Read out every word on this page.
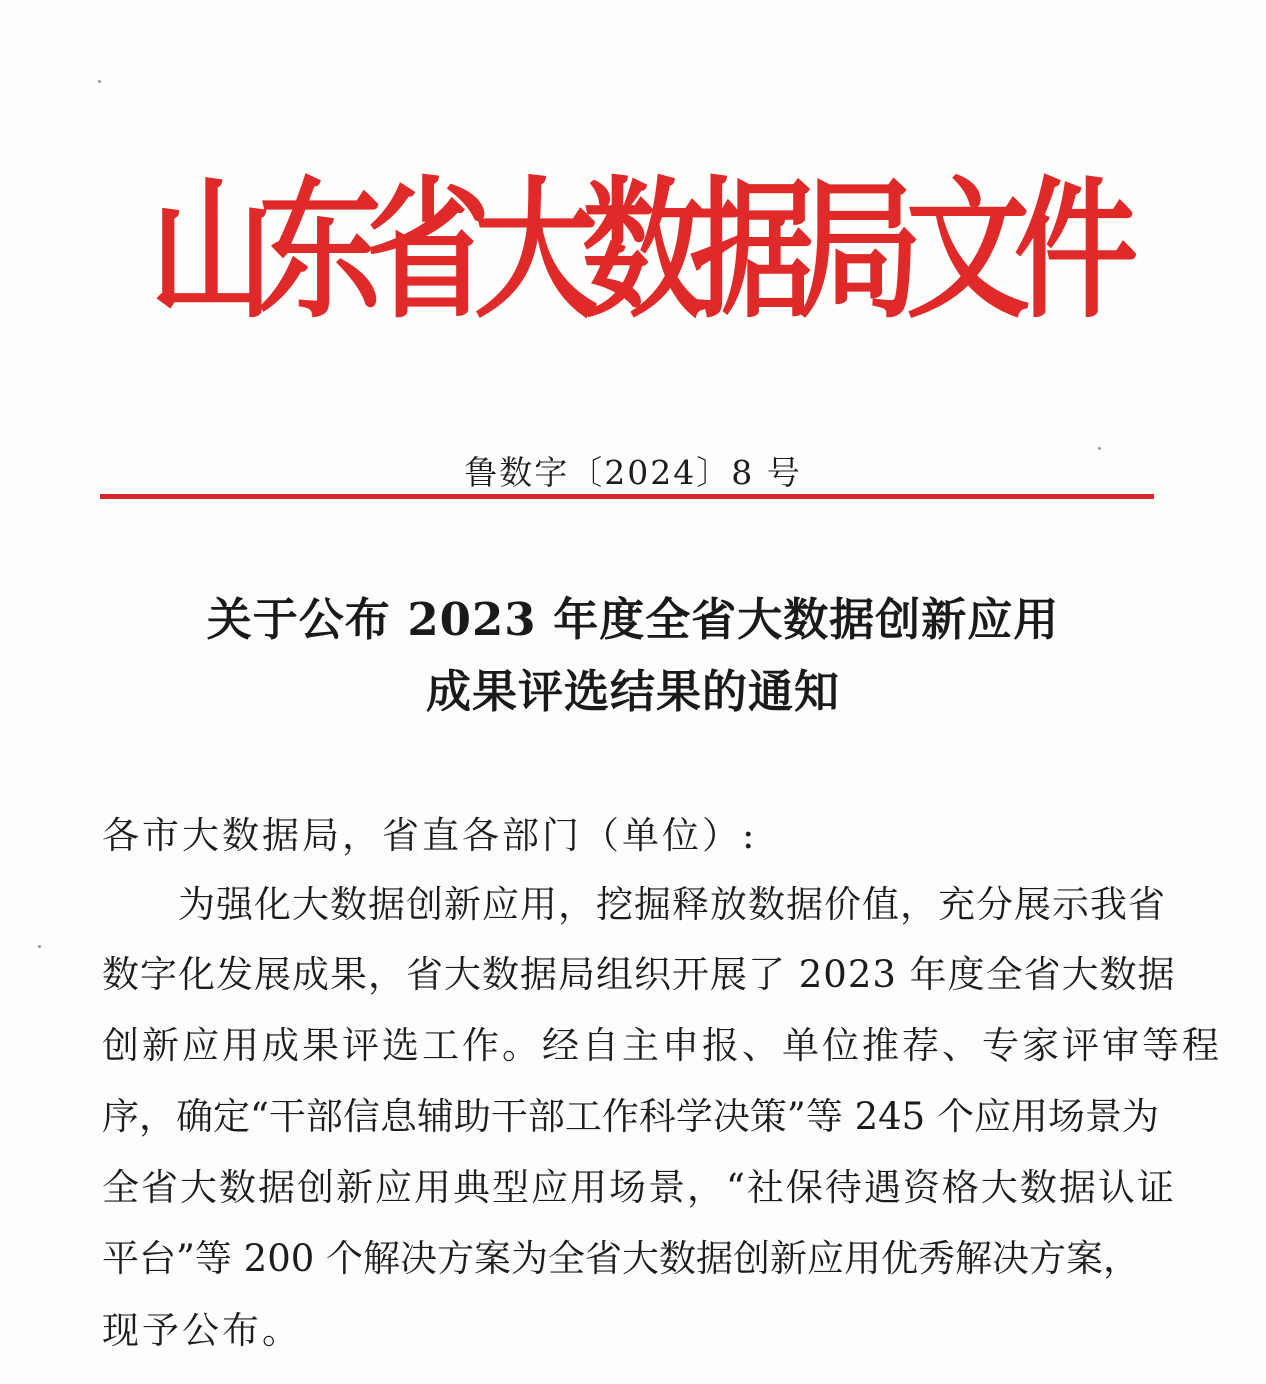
山东省大数据局文件
鲁数字〔2024〕8 号
关于公布 2023 年度全省大数据创新应用
成果评选结果的通知
各市大数据局，省直各部门（单位）:
为强化大数据创新应用，挖掘释放数据价值，充分展示我省
数字化发展成果，省大数据局组织开展了 2023 年度全省大数据
创新应用成果评选工作。经自主申报、单位推荐、专家评审等程
序，确定“干部信息辅助干部工作科学决策”等 245 个应用场景为
全省大数据创新应用典型应用场景，“社保待遇资格大数据认证
平台”等 200 个解决方案为全省大数据创新应用优秀解决方案，
现予公布。
